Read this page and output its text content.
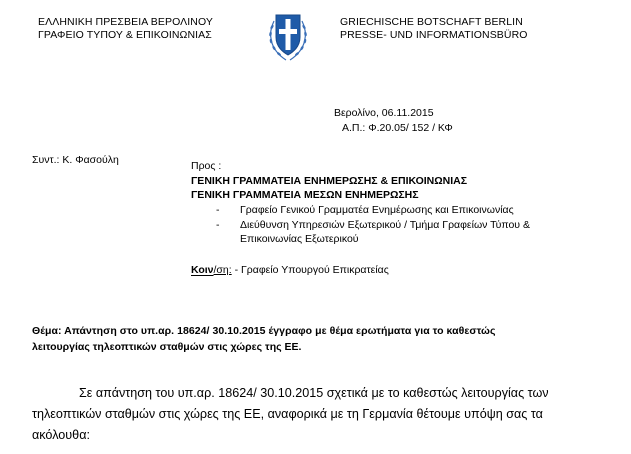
ΕΛΛΗΝΙΚΗ ΠΡΕΣΒΕΙΑ ΒΕΡΟΛΙΝΟΥ
ΓΡΑΦΕΙΟ ΤΥΠΟΥ & ΕΠΙΚΟΙΝΩΝΙΑΣ
GRIECHISCHE BOTSCHAFT BERLIN
PRESSE- UND INFORMATIONSBÜRO
Βερολίνο, 06.11.2015
Α.Π.: Φ.20.05/ 152 / ΚΦ
Συντ.: Κ. Φασούλη	Προς :
ΓΕΝΙΚΗ ΓΡΑΜΜΑΤΕΙΑ ΕΝΗΜΕΡΩΣΗΣ & ΕΠΙΚΟΙΝΩΝΙΑΣ
ΓΕΝΙΚΗ ΓΡΑΜΜΑΤΕΙΑ ΜΕΣΩΝ ΕΝΗΜΕΡΩΣΗΣ
- Γραφείο Γενικού Γραμματέα Ενημέρωσης και Επικοινωνίας
- Διεύθυνση Υπηρεσιών Εξωτερικού / Τμήμα Γραφείων Τύπου &
Επικοινωνίας Εξωτερικού
Κοιν/ση: - Γραφείο Υπουργού Επικρατείας
Θέμα: Απάντηση στο υπ.αρ. 18624/ 30.10.2015 έγγραφο με θέμα ερωτήματα για το καθεστώς
λειτουργίας τηλεοπτικών σταθμών στις χώρες της ΕΕ.
Σε απάντηση του υπ.αρ. 18624/ 30.10.2015 σχετικά με το καθεστώς λειτουργίας των
τηλεοπτικών σταθμών στις χώρες της ΕΕ, αναφορικά με τη Γερμανία θέτουμε υπόψη σας τα
ακόλουθα:
